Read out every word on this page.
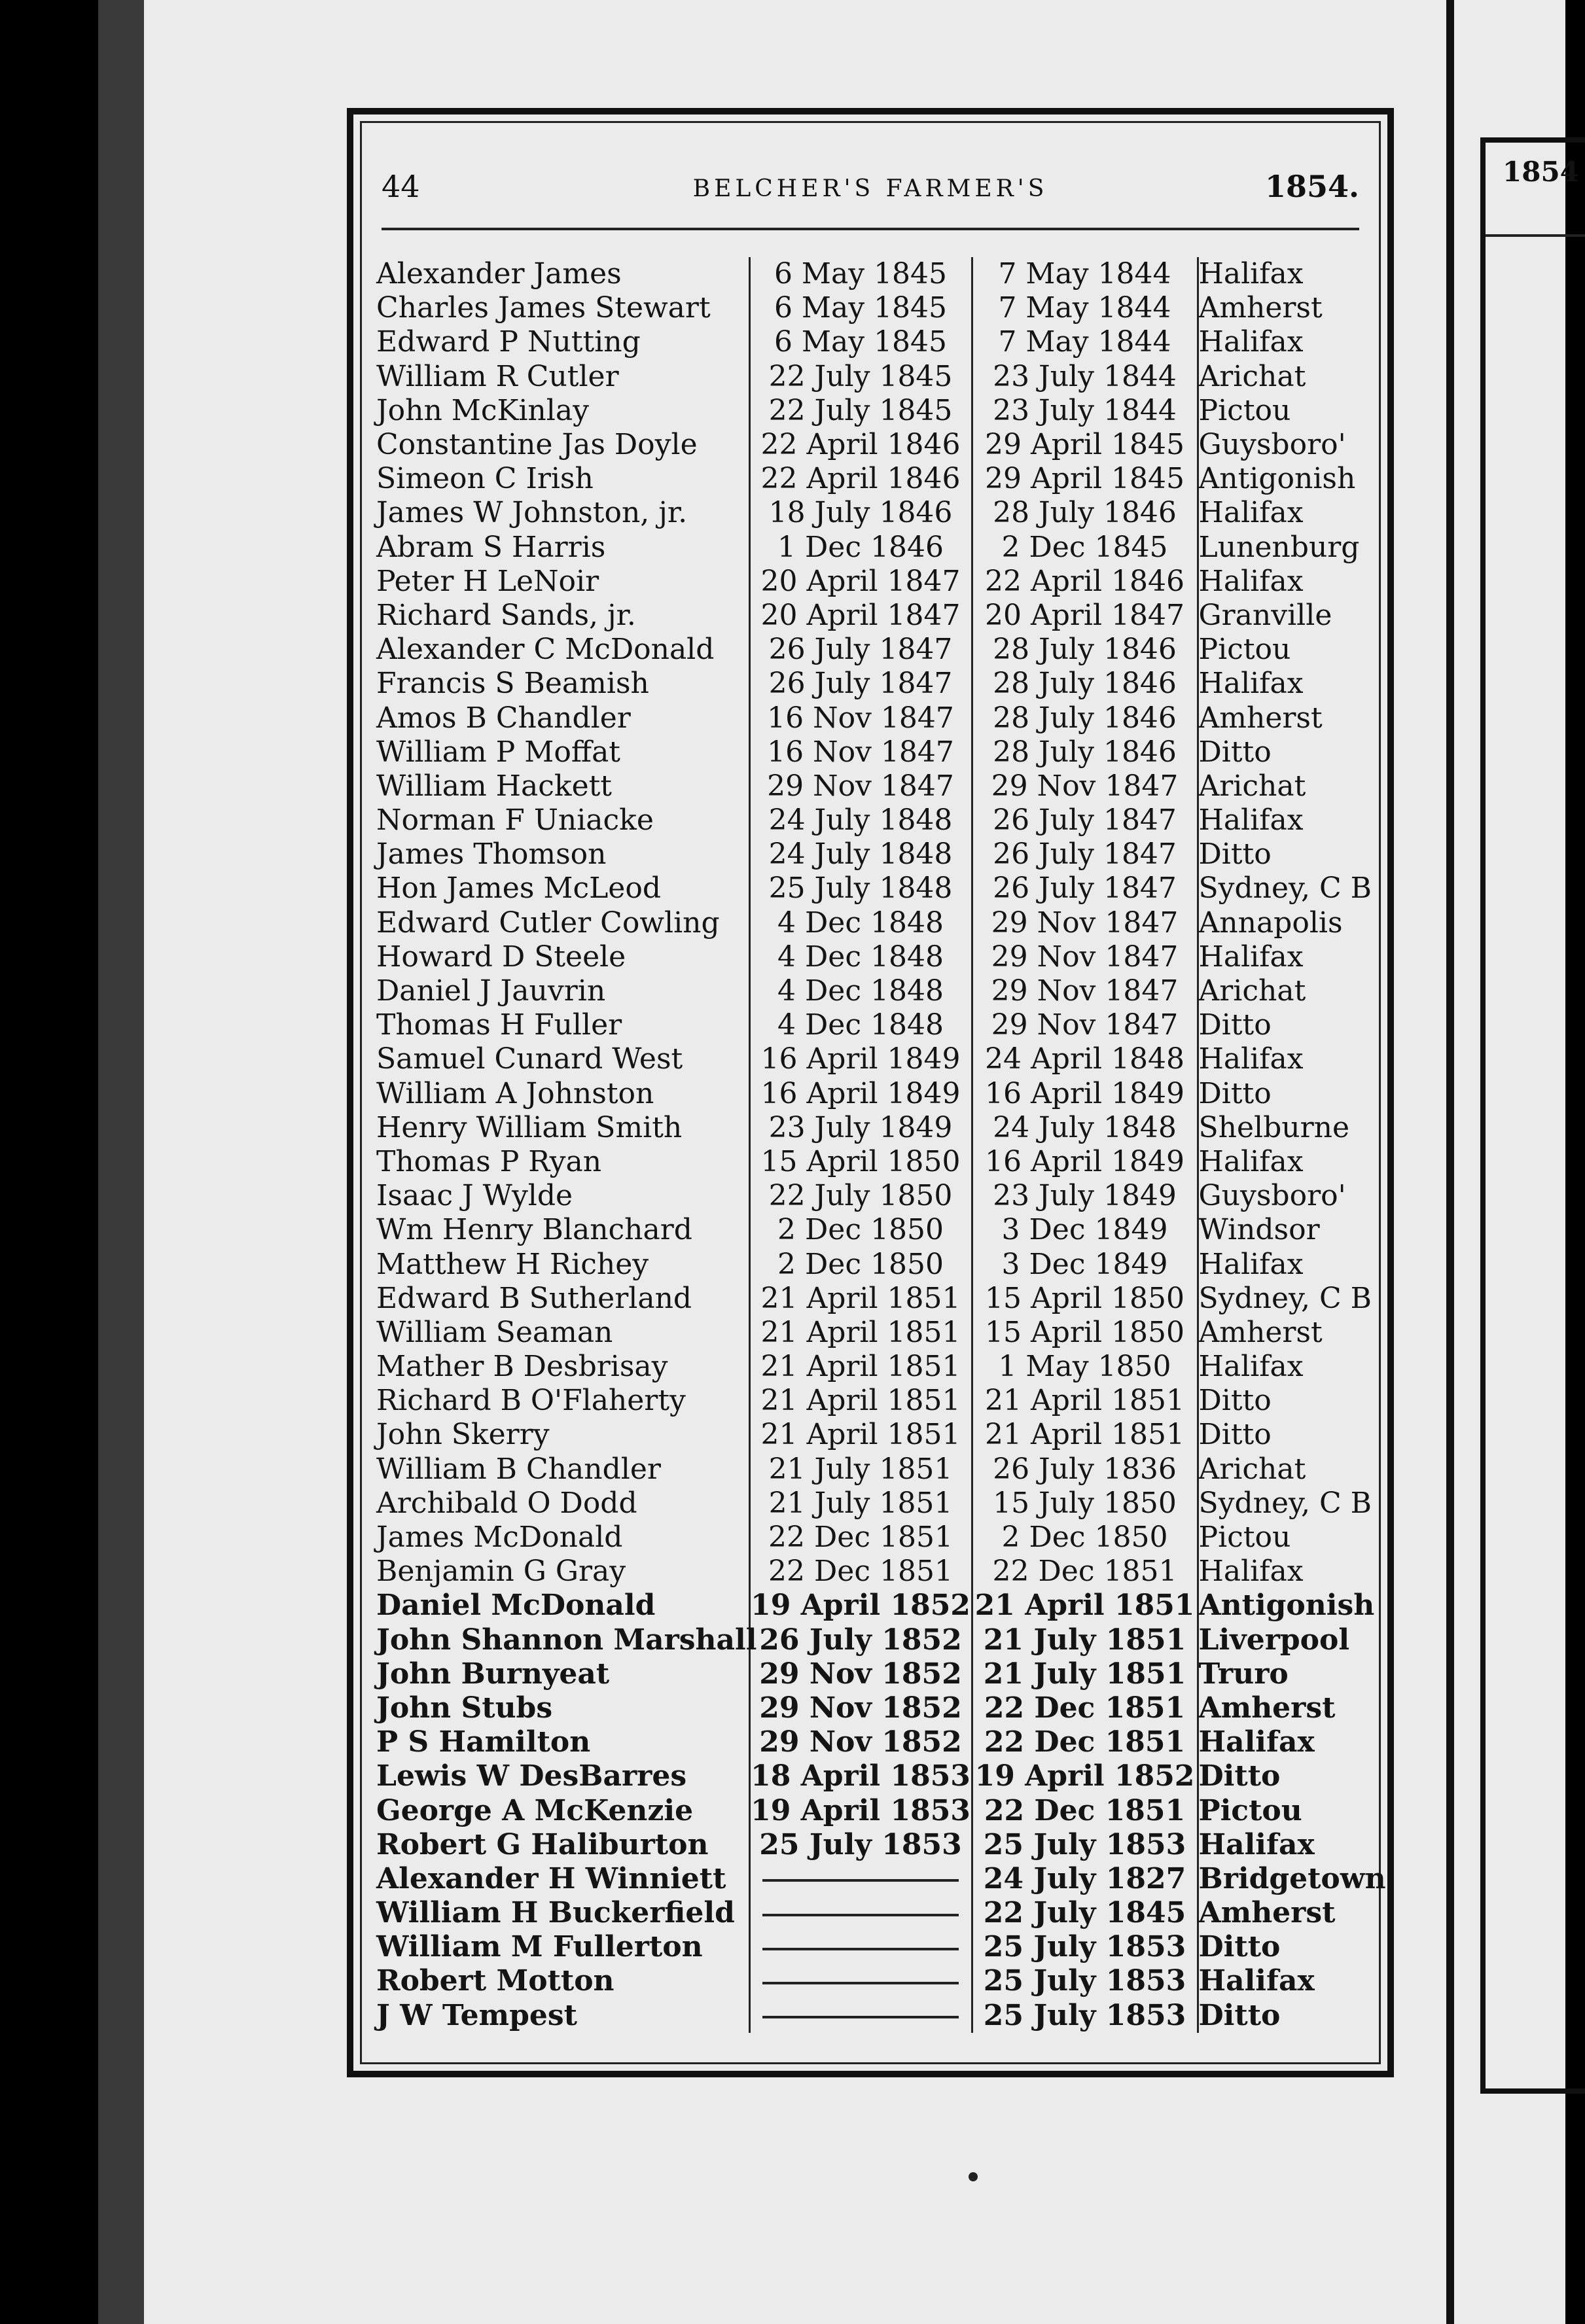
1854
44	BELCHER'S FARMER'S	1854.
Alexander James	6 May 1845	7 May 1844	Halifax
Charles James Stewart	6 May 1845	7 May 1844	Amherst
Edward P Nutting	6 May 1845	7 May 1844	Halifax
William R Cutler	22 July 1845	23 July 1844	Arichat
John McKinlay	22 July 1845	23 July 1844	Pictou
Constantine Jas Doyle	22 April 1846	29 April 1845	Guysboro'
Simeon C Irish	22 April 1846	29 April 1845	Antigonish
James W Johnston, jr.	18 July 1846	28 July 1846	Halifax
Abram S Harris	1 Dec 1846	2 Dec 1845	Lunenburg
Peter H LeNoir	20 April 1847	22 April 1846	Halifax
Richard Sands, jr.	20 April 1847	20 April 1847	Granville
Alexander C McDonald	26 July 1847	28 July 1846	Pictou
Francis S Beamish	26 July 1847	28 July 1846	Halifax
Amos B Chandler	16 Nov 1847	28 July 1846	Amherst
William P Moffat	16 Nov 1847	28 July 1846	Ditto
William Hackett	29 Nov 1847	29 Nov 1847	Arichat
Norman F Uniacke	24 July 1848	26 July 1847	Halifax
James Thomson	24 July 1848	26 July 1847	Ditto
Hon James McLeod	25 July 1848	26 July 1847	Sydney, C B
Edward Cutler Cowling	4 Dec 1848	29 Nov 1847	Annapolis
Howard D Steele	4 Dec 1848	29 Nov 1847	Halifax
Daniel J Jauvrin	4 Dec 1848	29 Nov 1847	Arichat
Thomas H Fuller	4 Dec 1848	29 Nov 1847	Ditto
Samuel Cunard West	16 April 1849	24 April 1848	Halifax
William A Johnston	16 April 1849	16 April 1849	Ditto
Henry William Smith	23 July 1849	24 July 1848	Shelburne
Thomas P Ryan	15 April 1850	16 April 1849	Halifax
Isaac J Wylde	22 July 1850	23 July 1849	Guysboro'
Wm Henry Blanchard	2 Dec 1850	3 Dec 1849	Windsor
Matthew H Richey	2 Dec 1850	3 Dec 1849	Halifax
Edward B Sutherland	21 April 1851	15 April 1850	Sydney, C B
William Seaman	21 April 1851	15 April 1850	Amherst
Mather B Desbrisay	21 April 1851	1 May 1850	Halifax
Richard B O'Flaherty	21 April 1851	21 April 1851	Ditto
John Skerry	21 April 1851	21 April 1851	Ditto
William B Chandler	21 July 1851	26 July 1836	Arichat
Archibald O Dodd	21 July 1851	15 July 1850	Sydney, C B
James McDonald	22 Dec 1851	2 Dec 1850	Pictou
Benjamin G Gray	22 Dec 1851	22 Dec 1851	Halifax
Daniel McDonald	19 April 1852	21 April 1851	Antigonish
John Shannon Marshall	26 July 1852	21 July 1851	Liverpool
John Burnyeat	29 Nov 1852	21 July 1851	Truro
John Stubs	29 Nov 1852	22 Dec 1851	Amherst
P S Hamilton	29 Nov 1852	22 Dec 1851	Halifax
Lewis W DesBarres	18 April 1853	19 April 1852	Ditto
George A McKenzie	19 April 1853	22 Dec 1851	Pictou
Robert G Haliburton	25 July 1853	25 July 1853	Halifax
Alexander H Winniett		24 July 1827	Bridgetown
William H Buckerfield		22 July 1845	Amherst
William M Fullerton		25 July 1853	Ditto
Robert Motton		25 July 1853	Halifax
J W Tempest		25 July 1853	Ditto
